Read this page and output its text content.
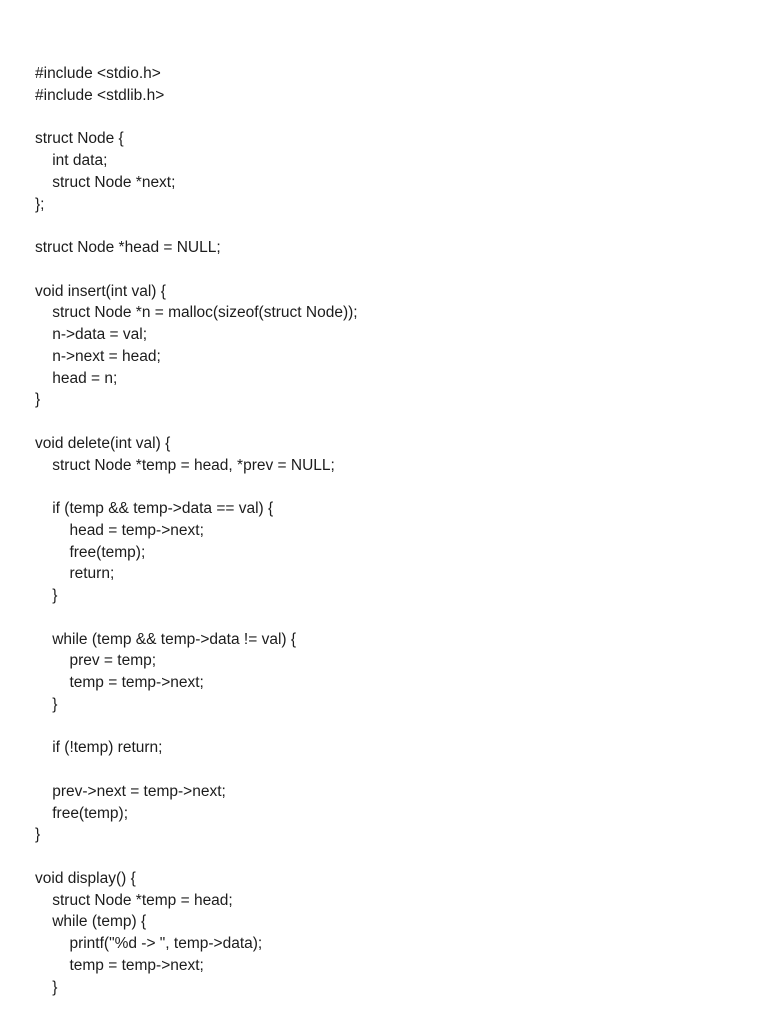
#include <stdio.h>
#include <stdlib.h>
struct Node {
int data;
struct Node *next;
};
struct Node *head = NULL;
void insert(int val) {
struct Node *n = malloc(sizeof(struct Node));
n->data = val;
n->next = head;
head = n;
}
void delete(int val) {
struct Node *temp = head, *prev = NULL;
if (temp && temp->data == val) {
head = temp->next;
free(temp);
return;
}
while (temp && temp->data != val) {
prev = temp;
temp = temp->next;
}
if (!temp) return;
prev->next = temp->next;
free(temp);
}
void display() {
struct Node *temp = head;
while (temp) {
printf("%d -> ", temp->data);
temp = temp->next;
}
